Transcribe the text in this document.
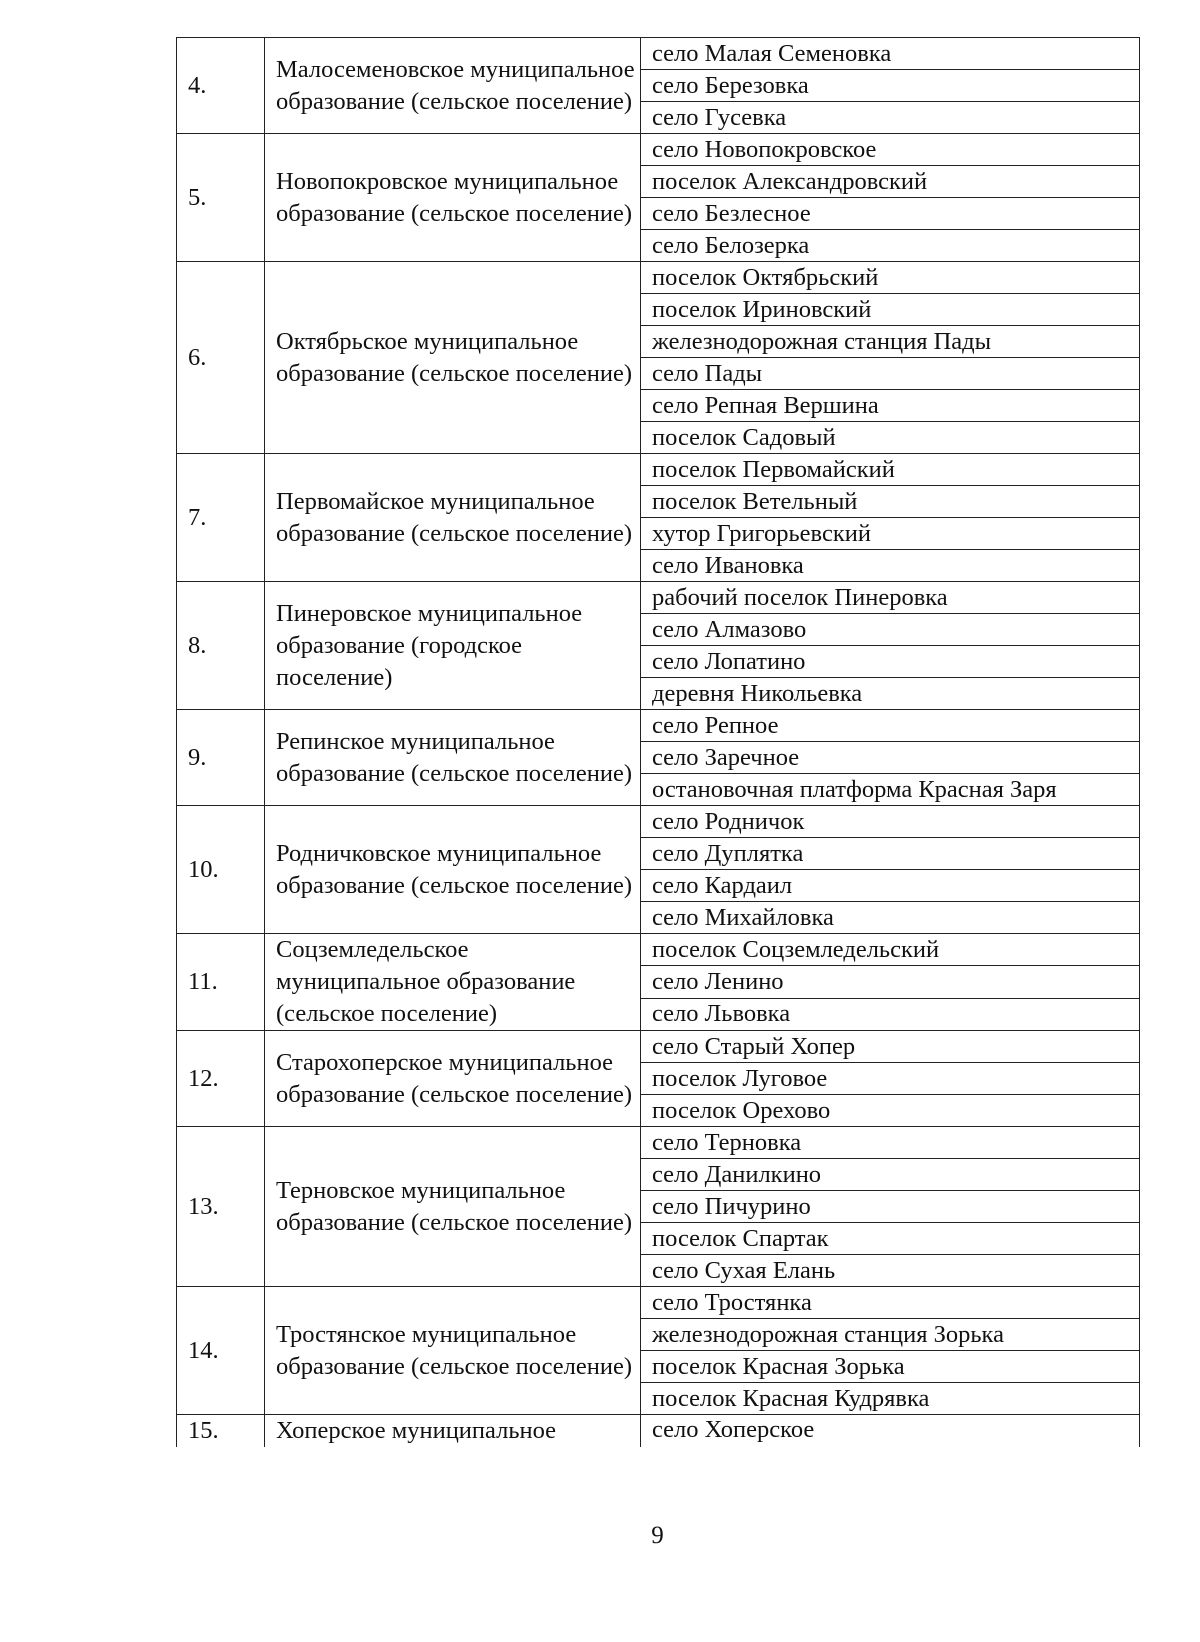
4.	Малосеменовское муниципальное образование (сельское поселение)	село Малая Семеновка
		село Березовка
		село Гусевка
5.	Новопокровское муниципальное образование (сельское поселение)	село Новопокровское
		поселок Александровский
		село Безлесное
		село Белозерка
6.	Октябрьское муниципальное образование (сельское поселение)	поселок Октябрьский
		поселок Ириновский
		железнодорожная станция Пады
		село Пады
		село Репная Вершина
		поселок Садовый
7.	Первомайское муниципальное образование (сельское поселение)	поселок Первомайский
		поселок Ветельный
		хутор Григорьевский
		село Ивановка
8.	Пинеровское муниципальное образование (городское поселение)	рабочий поселок Пинеровка
		село Алмазово
		село Лопатино
		деревня Никольевка
9.	Репинское муниципальное образование (сельское поселение)	село Репное
		село Заречное
		остановочная платформа Красная Заря
10.	Родничковское муниципальное образование (сельское поселение)	село Родничок
		село Дуплятка
		село Кардаил
		село Михайловка
11.	Соцземледельское муниципальное образование (сельское поселение)	поселок Соцземледельский
		село Ленино
		село Львовка
12.	Старохоперское муниципальное образование (сельское поселение)	село Старый Хопер
		поселок Луговое
		поселок Орехово
13.	Терновское муниципальное образование (сельское поселение)	село Терновка
		село Данилкино
		село Пичурино
		поселок Спартак
		село Сухая Елань
14.	Тростянское муниципальное образование (сельское поселение)	село Тростянка
		железнодорожная станция Зорька
		поселок Красная Зорька
		поселок Красная Кудрявка
15.	Хоперское муниципальное	село Хоперское
9
